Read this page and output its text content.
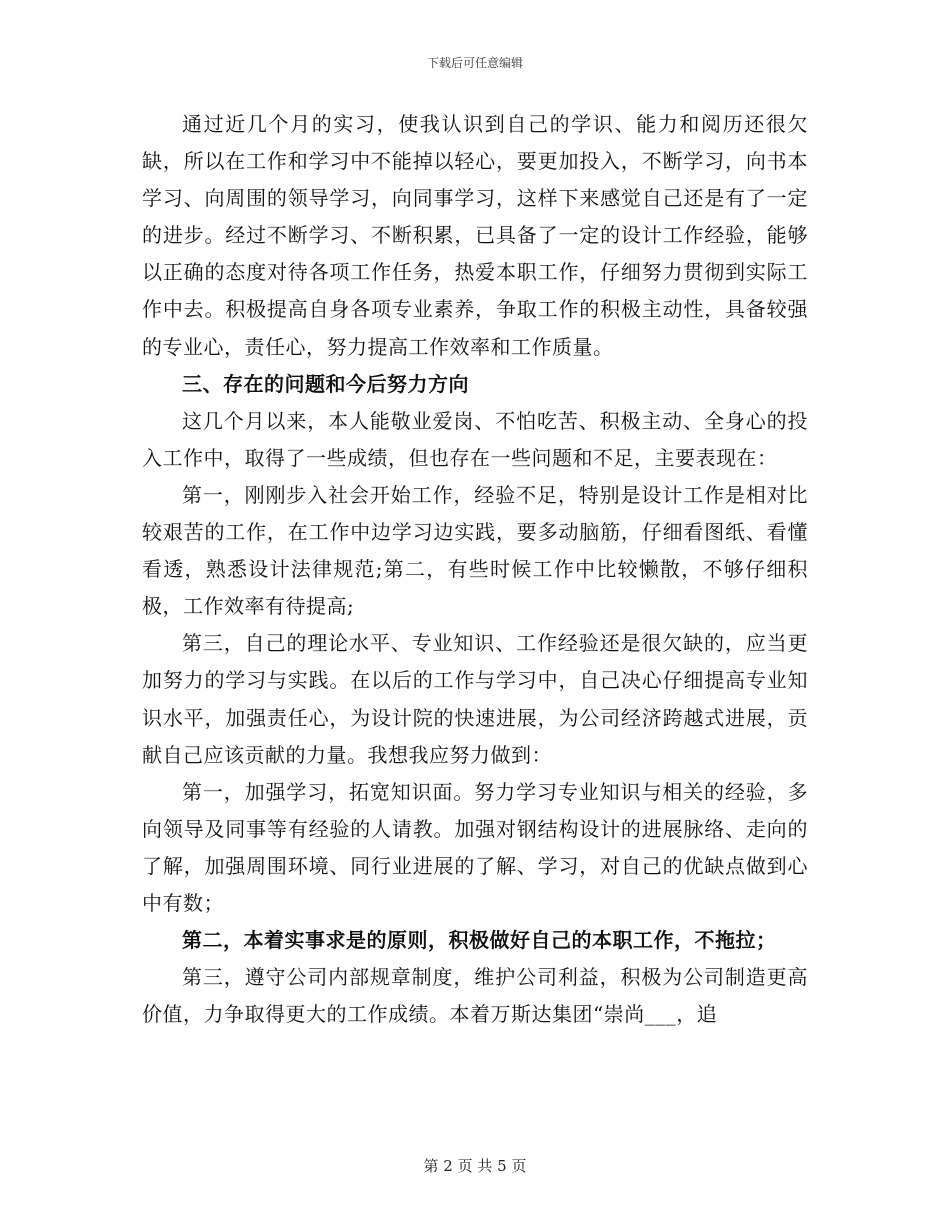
下载后可任意编辑

通过近几个月的实习，使我认识到自己的学识、能力和阅历还很欠缺，所以在工作和学习中不能掉以轻心，要更加投入，不断学习，向书本学习、向周围的领导学习，向同事学习，这样下来感觉自己还是有了一定的进步。经过不断学习、不断积累，已具备了一定的设计工作经验，能够以正确的态度对待各项工作任务，热爱本职工作，仔细努力贯彻到实际工作中去。积极提高自身各项专业素养，争取工作的积极主动性，具备较强的专业心，责任心，努力提高工作效率和工作质量。

三、存在的问题和今后努力方向

这几个月以来，本人能敬业爱岗、不怕吃苦、积极主动、全身心的投入工作中，取得了一些成绩，但也存在一些问题和不足，主要表现在：

第一，刚刚步入社会开始工作，经验不足，特别是设计工作是相对比较艰苦的工作，在工作中边学习边实践，要多动脑筋，仔细看图纸、看懂看透，熟悉设计法律规范;第二，有些时候工作中比较懒散，不够仔细积极，工作效率有待提高;

第三，自己的理论水平、专业知识、工作经验还是很欠缺的，应当更加努力的学习与实践。在以后的工作与学习中，自己决心仔细提高专业知识水平，加强责任心，为设计院的快速进展，为公司经济跨越式进展，贡献自己应该贡献的力量。我想我应努力做到：

第一，加强学习，拓宽知识面。努力学习专业知识与相关的经验，多向领导及同事等有经验的人请教。加强对钢结构设计的进展脉络、走向的了解，加强周围环境、同行业进展的了解、学习，对自己的优缺点做到心中有数；

第二，本着实事求是的原则，积极做好自己的本职工作，不拖拉；

第三，遵守公司内部规章制度，维护公司利益，积极为公司制造更高价值，力争取得更大的工作成绩。本着万斯达集团“崇尚___，追

第 2 页 共 5 页
